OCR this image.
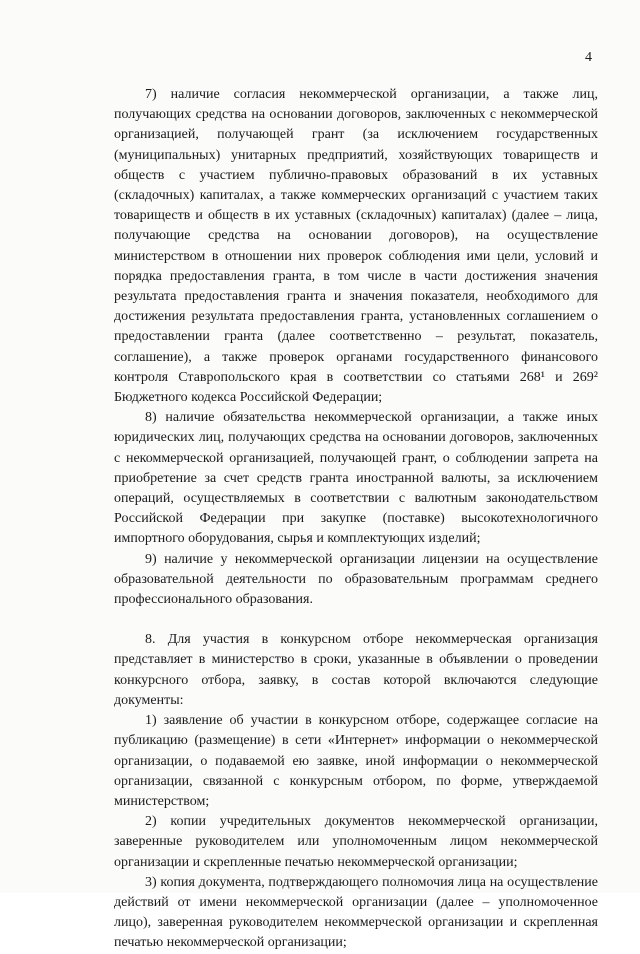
4

7) наличие согласия некоммерческой организации, а также лиц, получающих средства на основании договоров, заключенных с некоммерческой организацией, получающей грант (за исключением государственных (муниципальных) унитарных предприятий, хозяйствующих товариществ и обществ с участием публично-правовых образований в их уставных (складочных) капиталах, а также коммерческих организаций с участием таких товариществ и обществ в их уставных (складочных) капиталах) (далее – лица, получающие средства на основании договоров), на осуществление министерством в отношении них проверок соблюдения ими цели, условий и порядка предоставления гранта, в том числе в части достижения значения результата предоставления гранта и значения показателя, необходимого для достижения результата предоставления гранта, установленных соглашением о предоставлении гранта (далее соответственно – результат, показатель, соглашение), а также проверок органами государственного финансового контроля Ставропольского края в соответствии со статьями 268¹ и 269² Бюджетного кодекса Российской Федерации;

8) наличие обязательства некоммерческой организации, а также иных юридических лиц, получающих средства на основании договоров, заключенных с некоммерческой организацией, получающей грант, о соблюдении запрета на приобретение за счет средств гранта иностранной валюты, за исключением операций, осуществляемых в соответствии с валютным законодательством Российской Федерации при закупке (поставке) высокотехнологичного импортного оборудования, сырья и комплектующих изделий;

9) наличие у некоммерческой организации лицензии на осуществление образовательной деятельности по образовательным программам среднего профессионального образования.

8. Для участия в конкурсном отборе некоммерческая организация представляет в министерство в сроки, указанные в объявлении о проведении конкурсного отбора, заявку, в состав которой включаются следующие документы:

1) заявление об участии в конкурсном отборе, содержащее согласие на публикацию (размещение) в сети «Интернет» информации о некоммерческой организации, о подаваемой ею заявке, иной информации о некоммерческой организации, связанной с конкурсным отбором, по форме, утверждаемой министерством;

2) копии учредительных документов некоммерческой организации, заверенные руководителем или уполномоченным лицом некоммерческой организации и скрепленные печатью некоммерческой организации;

3) копия документа, подтверждающего полномочия лица на осуществление действий от имени некоммерческой организации (далее – уполномоченное лицо), заверенная руководителем некоммерческой организации и скрепленная печатью некоммерческой организации;
